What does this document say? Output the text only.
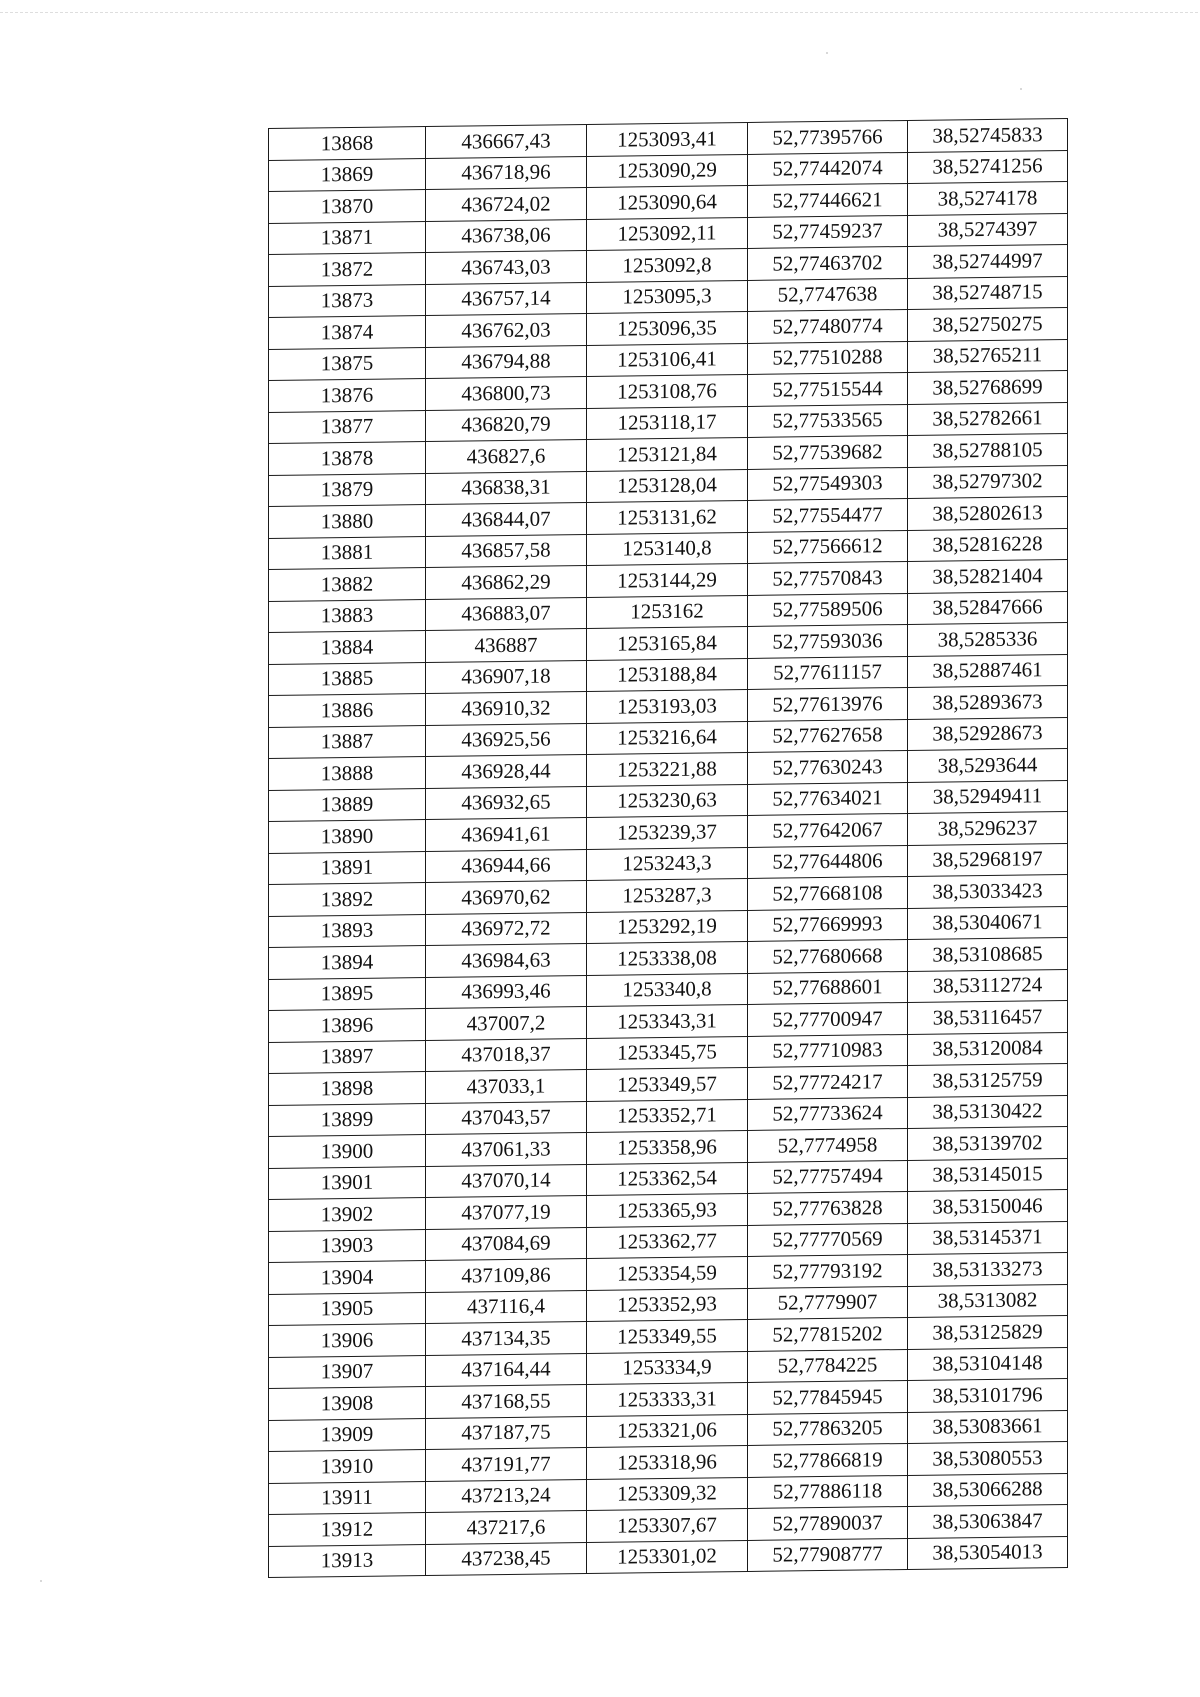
13868	436667,43	1253093,41	52,77395766	38,52745833
13869	436718,96	1253090,29	52,77442074	38,52741256
13870	436724,02	1253090,64	52,77446621	38,5274178
13871	436738,06	1253092,11	52,77459237	38,5274397
13872	436743,03	1253092,8	52,77463702	38,52744997
13873	436757,14	1253095,3	52,7747638	38,52748715
13874	436762,03	1253096,35	52,77480774	38,52750275
13875	436794,88	1253106,41	52,77510288	38,52765211
13876	436800,73	1253108,76	52,77515544	38,52768699
13877	436820,79	1253118,17	52,77533565	38,52782661
13878	436827,6	1253121,84	52,77539682	38,52788105
13879	436838,31	1253128,04	52,77549303	38,52797302
13880	436844,07	1253131,62	52,77554477	38,52802613
13881	436857,58	1253140,8	52,77566612	38,52816228
13882	436862,29	1253144,29	52,77570843	38,52821404
13883	436883,07	1253162	52,77589506	38,52847666
13884	436887	1253165,84	52,77593036	38,5285336
13885	436907,18	1253188,84	52,77611157	38,52887461
13886	436910,32	1253193,03	52,77613976	38,52893673
13887	436925,56	1253216,64	52,77627658	38,52928673
13888	436928,44	1253221,88	52,77630243	38,5293644
13889	436932,65	1253230,63	52,77634021	38,52949411
13890	436941,61	1253239,37	52,77642067	38,5296237
13891	436944,66	1253243,3	52,77644806	38,52968197
13892	436970,62	1253287,3	52,77668108	38,53033423
13893	436972,72	1253292,19	52,77669993	38,53040671
13894	436984,63	1253338,08	52,77680668	38,53108685
13895	436993,46	1253340,8	52,77688601	38,53112724
13896	437007,2	1253343,31	52,77700947	38,53116457
13897	437018,37	1253345,75	52,77710983	38,53120084
13898	437033,1	1253349,57	52,77724217	38,53125759
13899	437043,57	1253352,71	52,77733624	38,53130422
13900	437061,33	1253358,96	52,7774958	38,53139702
13901	437070,14	1253362,54	52,77757494	38,53145015
13902	437077,19	1253365,93	52,77763828	38,53150046
13903	437084,69	1253362,77	52,77770569	38,53145371
13904	437109,86	1253354,59	52,77793192	38,53133273
13905	437116,4	1253352,93	52,7779907	38,5313082
13906	437134,35	1253349,55	52,77815202	38,53125829
13907	437164,44	1253334,9	52,7784225	38,53104148
13908	437168,55	1253333,31	52,77845945	38,53101796
13909	437187,75	1253321,06	52,77863205	38,53083661
13910	437191,77	1253318,96	52,77866819	38,53080553
13911	437213,24	1253309,32	52,77886118	38,53066288
13912	437217,6	1253307,67	52,77890037	38,53063847
13913	437238,45	1253301,02	52,77908777	38,53054013
